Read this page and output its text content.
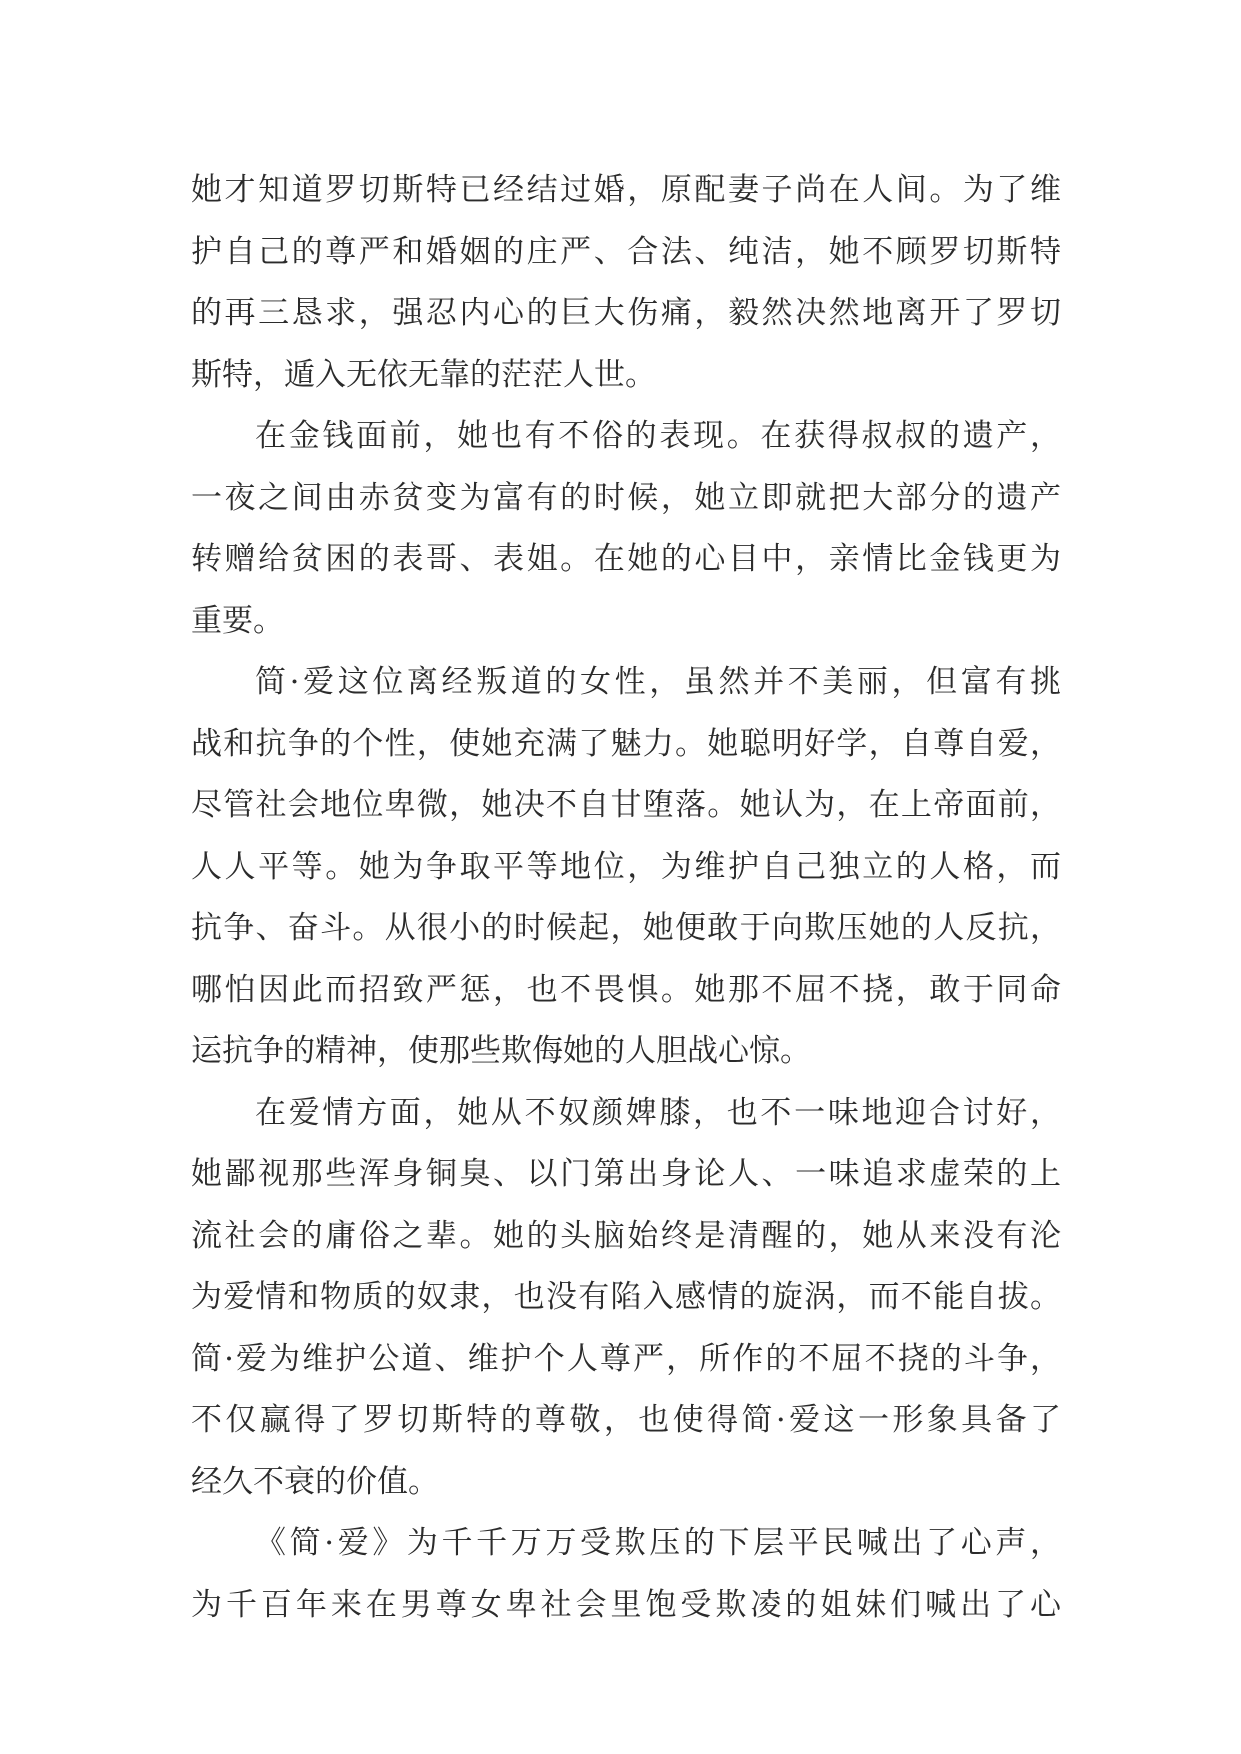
她才知道罗切斯特已经结过婚，原配妻子尚在人间。为了维
护自己的尊严和婚姻的庄严、合法、纯洁，她不顾罗切斯特
的再三恳求，强忍内心的巨大伤痛，毅然决然地离开了罗切
斯特，遁入无依无靠的茫茫人世。
在金钱面前，她也有不俗的表现。在获得叔叔的遗产，
一夜之间由赤贫变为富有的时候，她立即就把大部分的遗产
转赠给贫困的表哥、表姐。在她的心目中，亲情比金钱更为
重要。
简·爱这位离经叛道的女性，虽然并不美丽，但富有挑
战和抗争的个性，使她充满了魅力。她聪明好学，自尊自爱，
尽管社会地位卑微，她决不自甘堕落。她认为，在上帝面前，
人人平等。她为争取平等地位，为维护自己独立的人格，而
抗争、奋斗。从很小的时候起，她便敢于向欺压她的人反抗，
哪怕因此而招致严惩，也不畏惧。她那不屈不挠，敢于同命
运抗争的精神，使那些欺侮她的人胆战心惊。
在爱情方面，她从不奴颜婢膝，也不一味地迎合讨好，
她鄙视那些浑身铜臭、以门第出身论人、一味追求虚荣的上
流社会的庸俗之辈。她的头脑始终是清醒的，她从来没有沦
为爱情和物质的奴隶，也没有陷入感情的旋涡，而不能自拔。
简·爱为维护公道、维护个人尊严，所作的不屈不挠的斗争，
不仅赢得了罗切斯特的尊敬，也使得简·爱这一形象具备了
经久不衰的价值。
《简·爱》为千千万万受欺压的下层平民喊出了心声，
为千百年来在男尊女卑社会里饱受欺凌的姐妹们喊出了心
